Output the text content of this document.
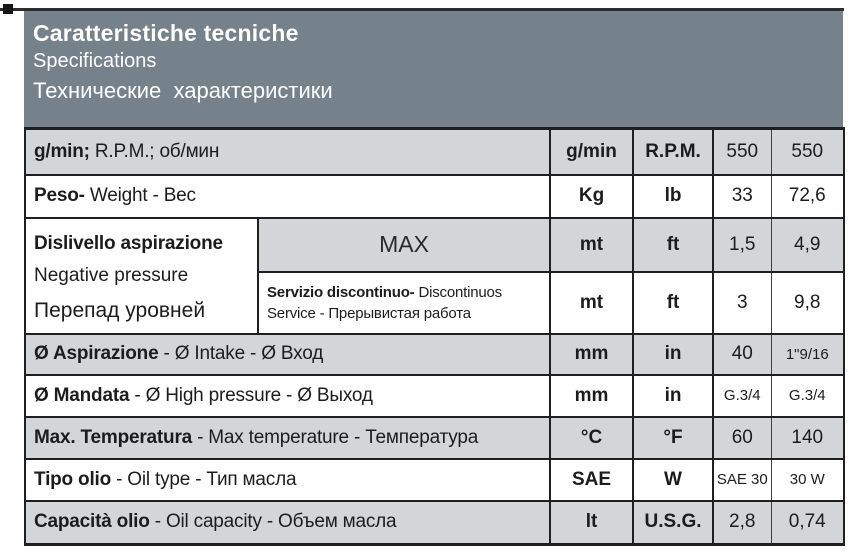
Caratteristiche tecniche
Specifications
Технические  характеристики
g/min; R.P.M.; об/мин		g/min	R.P.M.	550	550
Peso- Weight - Вес		Kg	lb	33	72,6

Dislivello aspirazione
Negative pressure
Перепад уровней	MAX	mt	ft	1,5	4,9
	Servizio discontinuo- Discontinuos Service - Прерывистая работа	mt	ft	3	9,8
Ø Aspirazione - Ø Intake - Ø Вход		mm	in	40	1"9/16
Ø Mandata - Ø High pressure - Ø Выход		mm	in	G.3/4	G.3/4
Max. Temperatura - Max temperature - Температура		°C	°F	60	140
Tipo olio - Oil type - Тип масла		SAE	W	SAE 30	30 W
Capacità olio - Oil capacity - Объем масла		lt	U.S.G.	2,8	0,74
